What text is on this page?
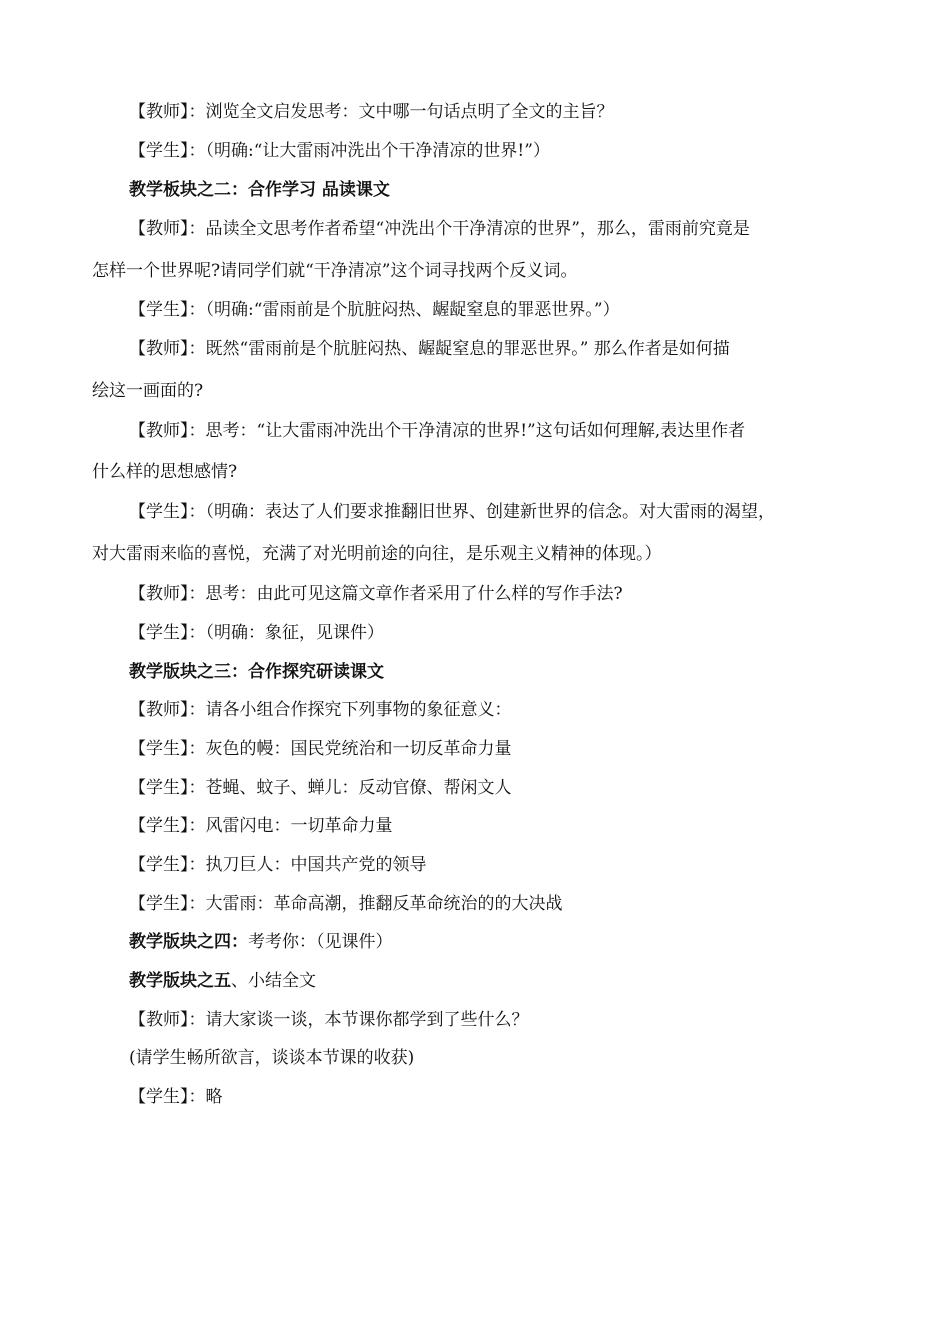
【教师】：浏览全文启发思考：文中哪一句话点明了全文的主旨？
【学生】：（明确:“让大雷雨冲洗出个干净清凉的世界!”）
教学板块之二：合作学习 品读课文
【教师】：品读全文思考作者希望“冲洗出个干净清凉的世界”，那么，雷雨前究竟是
怎样一个世界呢?请同学们就“干净清凉”这个词寻找两个反义词。
【学生】：（明确:“雷雨前是个肮脏闷热、龌龊窒息的罪恶世界。”）
【教师】：既然“雷雨前是个肮脏闷热、龌龊窒息的罪恶世界。” 那么作者是如何描
绘这一画面的?
【教师】：思考：“让大雷雨冲洗出个干净清凉的世界!”这句话如何理解,表达里作者
什么样的思想感情?
【学生】：（明确：表达了人们要求推翻旧世界、创建新世界的信念。对大雷雨的渴望，
对大雷雨来临的喜悦，充满了对光明前途的向往，是乐观主义精神的体现。）
【教师】：思考：由此可见这篇文章作者采用了什么样的写作手法?
【学生】：（明确：象征，见课件）
教学版块之三：合作探究研读课文
【教师】：请各小组合作探究下列事物的象征意义：
【学生】：灰色的幔：国民党统治和一切反革命力量
【学生】：苍蝇、蚊子、蝉儿：反动官僚、帮闲文人
【学生】：风雷闪电：一切革命力量
【学生】：执刀巨人：中国共产党的领导
【学生】：大雷雨：革命高潮，推翻反革命统治的的大决战
教学版块之四：考考你：（见课件）
教学版块之五、小结全文
【教师】：请大家谈一谈，本节课你都学到了些什么？
(请学生畅所欲言，谈谈本节课的收获)
【学生】：略
